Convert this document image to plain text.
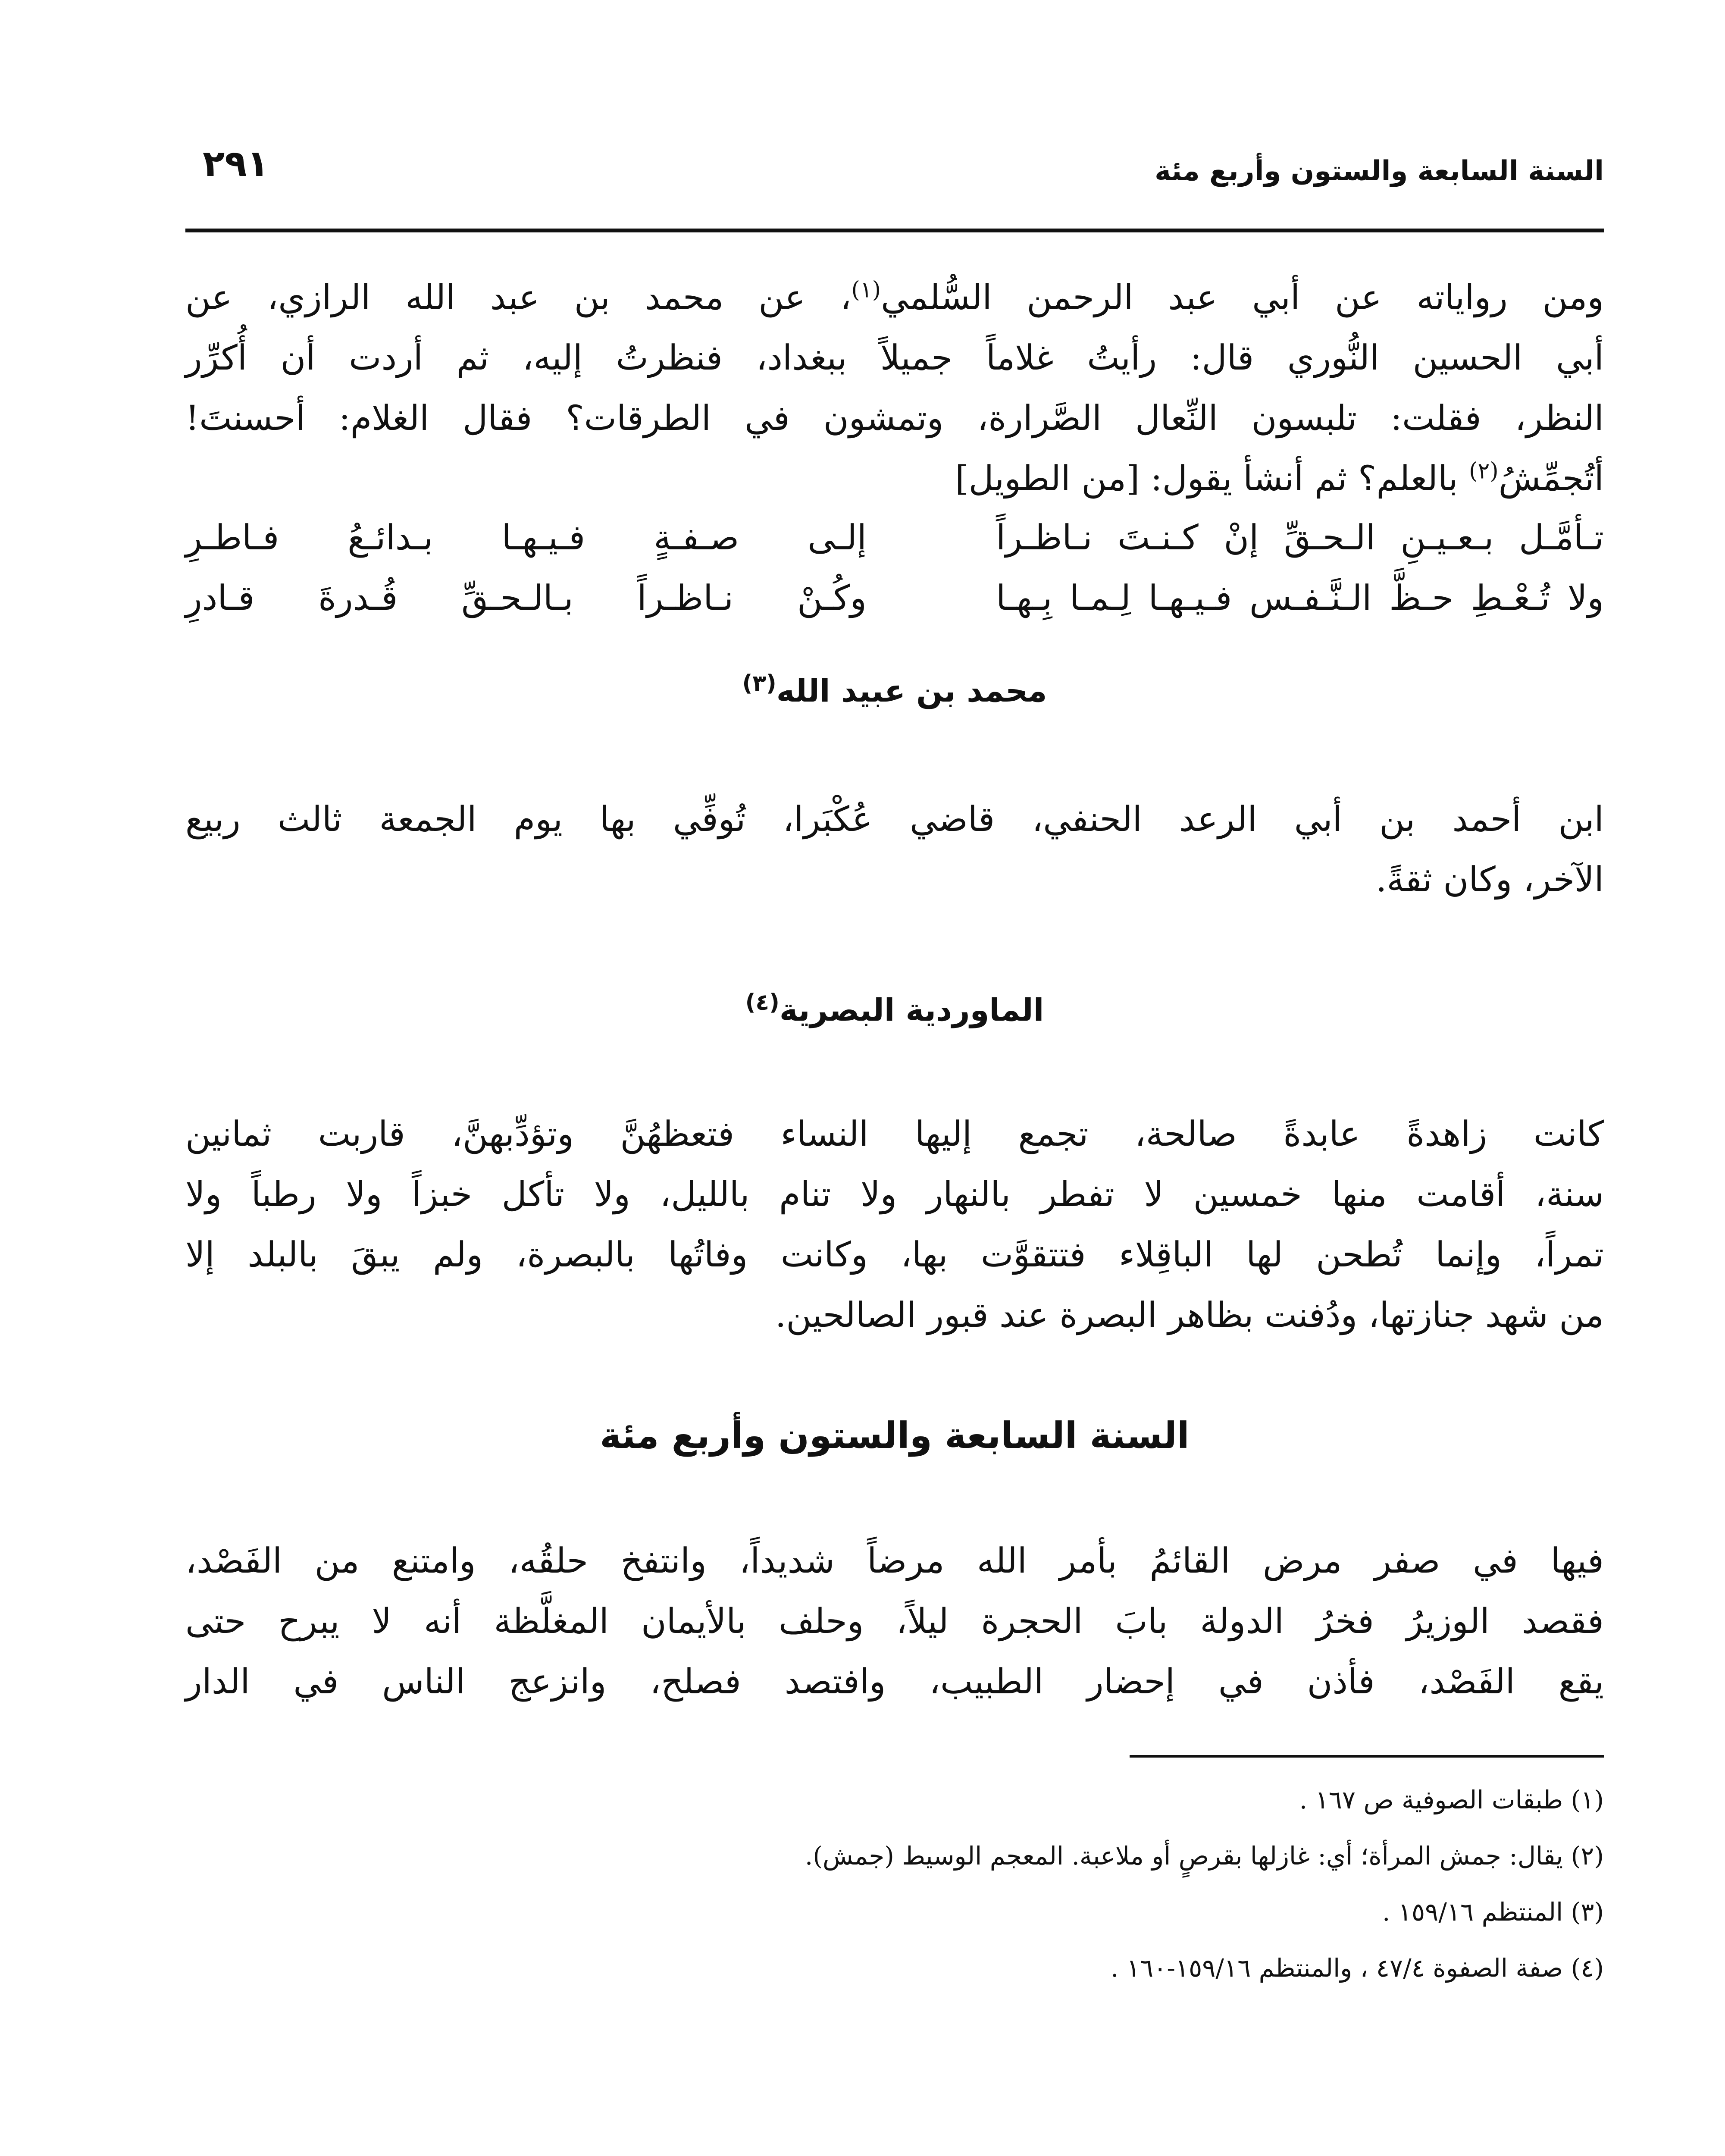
السنة السابعة والستون وأربع مئة
٢٩١
ومن رواياته عن أبي عبد الرحمن السُّلمي$^{(١)}$، عن محمد بن عبد الله الرازي، عن
أبي الحسين النُّوري قال: رأيتُ غلاماً جميلاً ببغداد، فنظرتُ إليه، ثم أردت أن أُكرِّر
النظر، فقلت: تلبسون النِّعال الصَّرارة، وتمشون في الطرقات؟ فقال الغلام: أحسنتَ!
أتُجمِّشُ$^{(٢)}$ بالعلم؟ ثم أنشأ يقول: [من الطويل]
تـأمَّـل بـعـيـنِ الـحـقِّ إنْ كـنـتَ نـاظـراً
إلـى صـفـةٍ فـيـهـا بـدائـعُ فـاطـرِ
ولا تُـعْـطِ حـظَّ الـنَّـفـس فـيـهـا لِـمـا بِـهـا
وكُـنْ نـاظـراً بـالـحـقِّ قُـدرةَ قـادرِ
محمد بن عبيد الله$^{(٣)}$
ابن أحمد بن أبي الرعد الحنفي، قاضي عُكْبَرا، تُوفِّي بها يوم الجمعة ثالث ربيع
الآخر، وكان ثقةً.
الماوردية البصرية$^{(٤)}$
كانت زاهدةً عابدةً صالحة، تجمع إليها النساء فتعظهُنَّ وتؤدِّبهنَّ، قاربت ثمانين
سنة، أقامت منها خمسين لا تفطر بالنهار ولا تنام بالليل، ولا تأكل خبزاً ولا رطباً ولا
تمراً، وإنما تُطحن لها الباقِلاء فتتقوَّت بها، وكانت وفاتُها بالبصرة، ولم يبقَ بالبلد إلا
من شهد جنازتها، ودُفنت بظاهر البصرة عند قبور الصالحين.
السنة السابعة والستون وأربع مئة
فيها في صفر مرض القائمُ بأمر الله مرضاً شديداً، وانتفخ حلقُه، وامتنع من الفَصْد،
فقصد الوزيرُ فخرُ الدولة بابَ الحجرة ليلاً، وحلف بالأيمان المغلَّظة أنه لا يبرح حتى
يقع الفَصْد، فأذن في إحضار الطبيب، وافتصد فصلح، وانزعج الناس في الدار
(١) طبقات الصوفية ص ١٦٧ .
(٢) يقال: جمش المرأة؛ أي: غازلها بقرصٍ أو ملاعبة. المعجم الوسيط (جمش).
(٣) المنتظم ١٥٩/١٦ .
(٤) صفة الصفوة ٤٧/٤ ، والمنتظم ١٥٩/١٦-١٦٠ .
